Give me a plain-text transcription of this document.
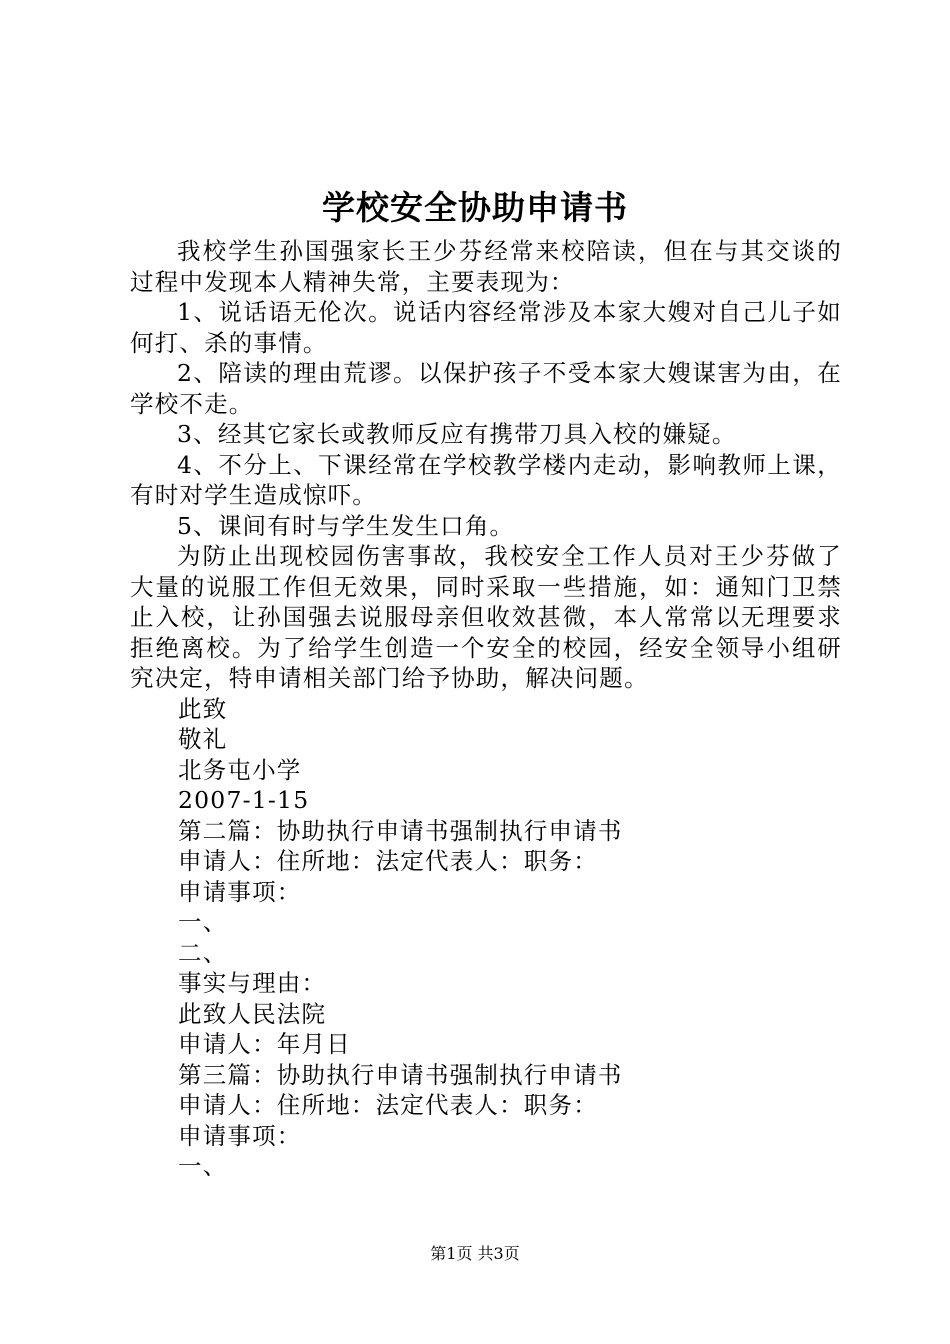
学校安全协助申请书

我校学生孙国强家长王少芬经常来校陪读，但在与其交谈的过程中发现本人精神失常，主要表现为：

1、说话语无伦次。说话内容经常涉及本家大嫂对自己儿子如何打、杀的事情。

2、陪读的理由荒谬。以保护孩子不受本家大嫂谋害为由，在学校不走。

3、经其它家长或教师反应有携带刀具入校的嫌疑。

4、不分上、下课经常在学校教学楼内走动，影响教师上课，有时对学生造成惊吓。

5、课间有时与学生发生口角。

为防止出现校园伤害事故，我校安全工作人员对王少芬做了大量的说服工作但无效果，同时采取一些措施，如：通知门卫禁止入校，让孙国强去说服母亲但收效甚微，本人常常以无理要求拒绝离校。为了给学生创造一个安全的校园，经安全领导小组研究决定，特申请相关部门给予协助，解决问题。

此致

敬礼

北务屯小学

2007-1-15

第二篇：协助执行申请书强制执行申请书

申请人：住所地：法定代表人：职务：

申请事项：

一、

二、

事实与理由：

此致人民法院

申请人：年月日

第三篇：协助执行申请书强制执行申请书

申请人：住所地：法定代表人：职务：

申请事项：

一、

第1页 共3页
